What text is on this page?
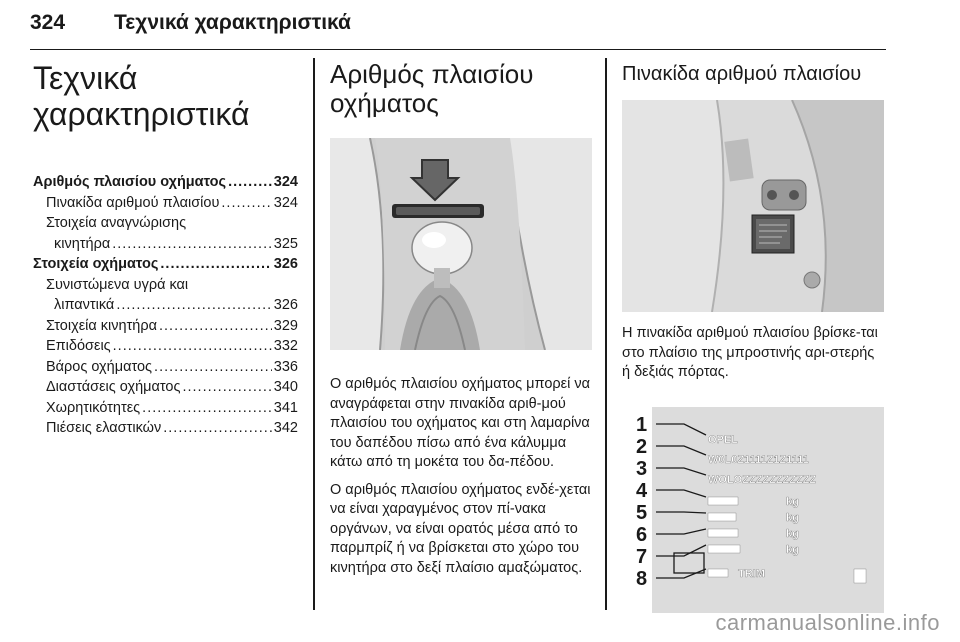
324 Τεχνικά χαρακτηριστικά
Τεχνικά
χαρακτηριστικά
Αριθμός πλαισίου οχήματος .....	324
Πινακίδα αριθμού πλαισίου .....	324
Στοιχεία αναγνώρισης
κινητήρα .....	325
Στοιχεία οχήματος .....	326
Συνιστώμενα υγρά και
λιπαντικά .....	326
Στοιχεία κινητήρα .....	329
Επιδόσεις .....	332
Βάρος οχήματος .....	336
Διαστάσεις οχήματος .....	340
Χωρητικότητες .....	341
Πιέσεις ελαστικών .....	342
Αριθμός πλαισίου
οχήματος

Ο αριθμός πλαισίου οχήματος μπορεί να αναγράφεται στην πινακίδα αριθ-μού πλαισίου του οχήματος και στη λαμαρίνα του δαπέδου πίσω από ένα κάλυμμα κάτω από τη μοκέτα του δα-πέδου.

Ο αριθμός πλαισίου οχήματος ενδέ-χεται να είναι χαραγμένος στον πί-νακα οργάνων, να είναι ορατός μέσα από το παρμπρίζ ή να βρίσκεται στο χώρο του κινητήρα στο δεξί πλαίσιο αμαξώματος.

Πινακίδα αριθμού πλαισίου

Η πινακίδα αριθμού πλαισίου βρίσκε-ται στο πλαίσιο της μπροστινής αρι-στερής ή δεξιάς πόρτας.

1
2
3
4
5
6
7
8
OPEL
W0L0Z1111Z1Z1111
WOLOZZZZZZZZZZZ
kg
kg
kg
kg
TRIM
carmanualsonline.info
